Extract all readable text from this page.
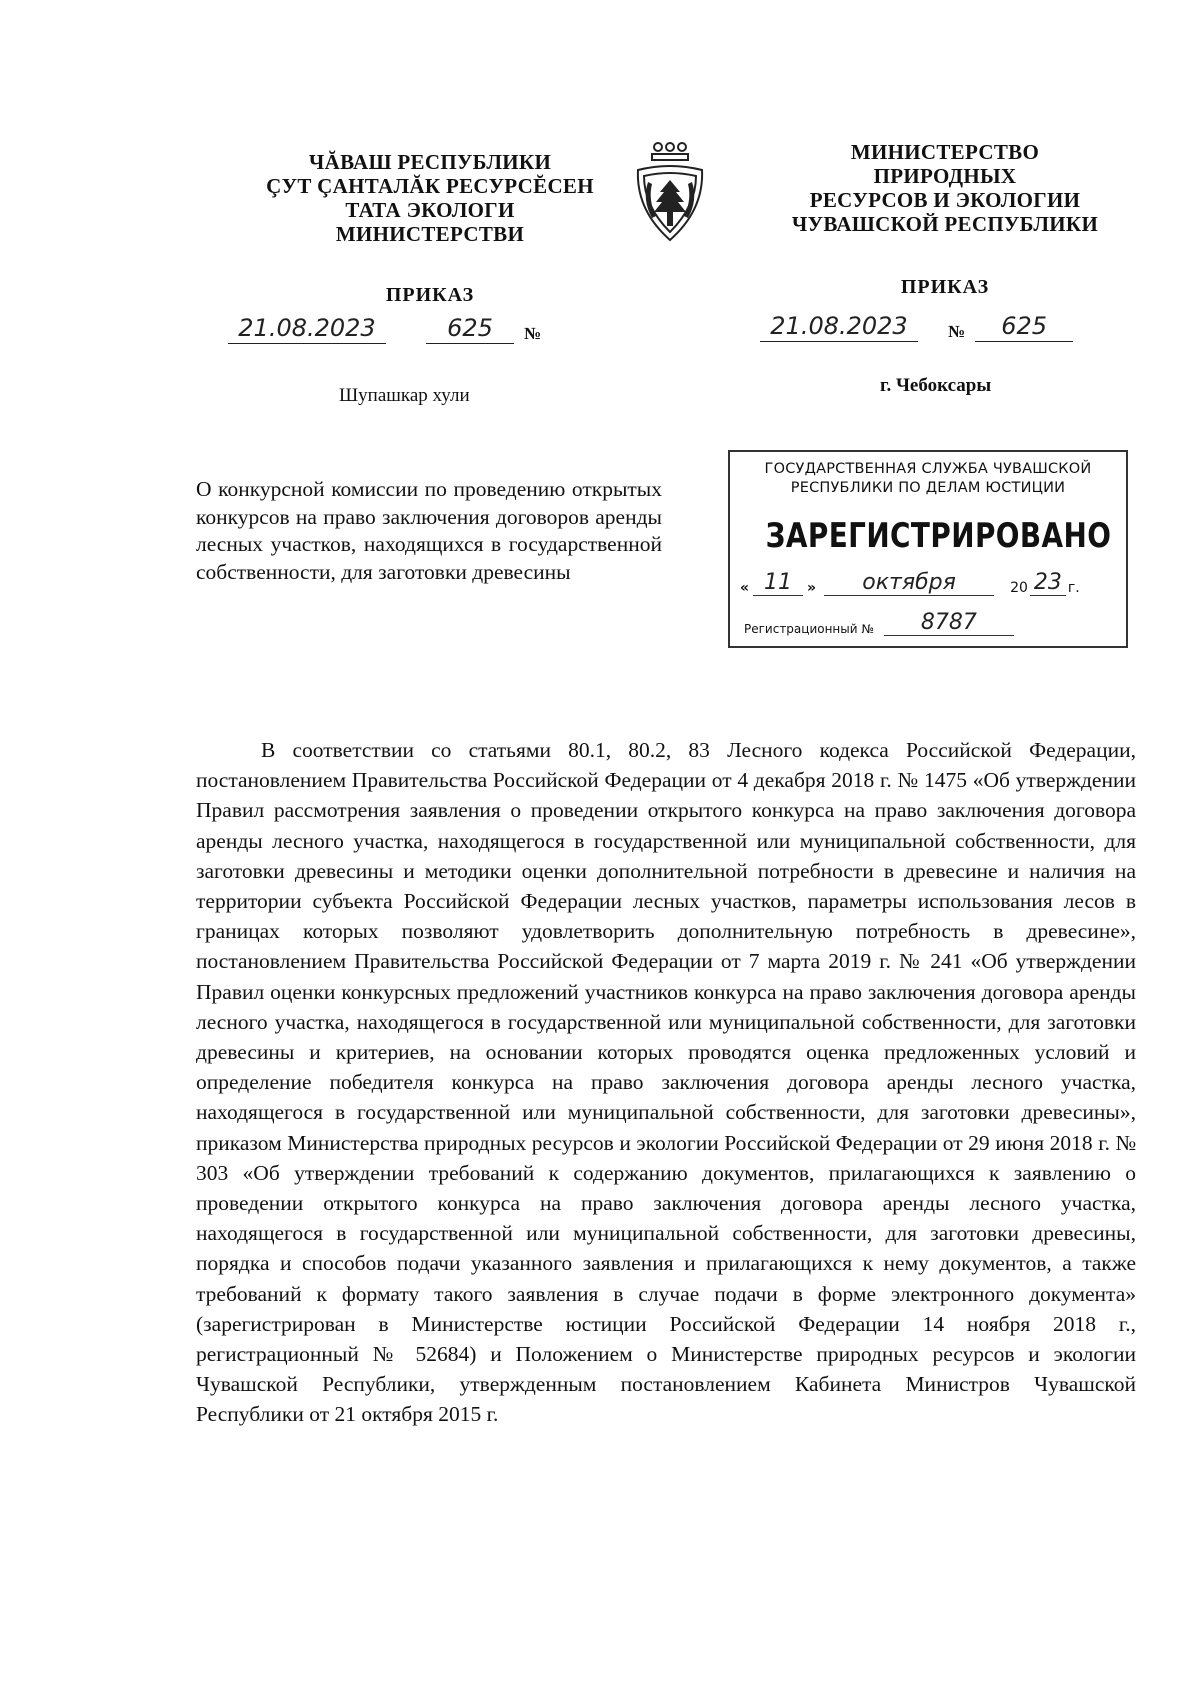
ЧĂВАШ РЕСПУБЛИКИ
ÇУТ ÇАНТАЛĂК РЕСУРСĔСЕН
ТАТА ЭКОЛОГИ
МИНИСТЕРСТВИ
ПРИКАЗ
21.08.2023	625	№
Шупашкар хули
МИНИСТЕРСТВО
ПРИРОДНЫХ
РЕСУРСОВ И ЭКОЛОГИИ
ЧУВАШСКОЙ РЕСПУБЛИКИ
ПРИКАЗ
21.08.2023	№	625
г. Чебоксары
О конкурсной комиссии по проведению открытых конкурсов на право заключения договоров аренды лесных участков, находящихся в государственной собственности, для заготовки древесины
ГОСУДАРСТВЕННАЯ СЛУЖБА ЧУВАШСКОЙ
РЕСПУБЛИКИ ПО ДЕЛАМ ЮСТИЦИИ
ЗАРЕГИСТРИРОВАНО
« 11	»	октября	20 23 г.
Регистрационный №	8787
В соответствии со статьями 80.1, 80.2, 83 Лесного кодекса Российской Федерации, постановлением Правительства Российской Федерации от 4 декабря 2018 г. № 1475 «Об утверждении Правил рассмотрения заявления о проведении открытого конкурса на право заключения договора аренды лесного участка, находящегося в государственной или муниципальной собственности, для заготовки древесины и методики оценки дополнительной потребности в древесине и наличия на территории субъекта Российской Федерации лесных участков, параметры использования лесов в границах которых позволяют удовлетворить дополнительную потребность в древесине», постановлением Правительства Российской Федерации от 7 марта 2019 г. № 241 «Об утверждении Правил оценки конкурсных предложений участников конкурса на право заключения договора аренды лесного участка, находящегося в государственной или муниципальной собственности, для заготовки древесины и критериев, на основании которых проводятся оценка предложенных условий и определение победителя конкурса на право заключения договора аренды лесного участка, находящегося в государственной или муниципальной собственности, для заготовки древесины», приказом Министерства природных ресурсов и экологии Российской Федерации от 29 июня 2018 г. № 303 «Об утверждении требований к содержанию документов, прилагающихся к заявлению о проведении открытого конкурса на право заключения договора аренды лесного участка, находящегося в государственной или муниципальной собственности, для заготовки древесины, порядка и способов подачи указанного заявления и прилагающихся к нему документов, а также требований к формату такого заявления в случае подачи в форме электронного документа» (зарегистрирован в Министерстве юстиции Российской Федерации 14 ноября 2018 г., регистрационный № 52684) и Положением о Министерстве природных ресурсов и экологии Чувашской Республики, утвержденным постановлением Кабинета Министров Чувашской Республики от 21 октября 2015 г.
